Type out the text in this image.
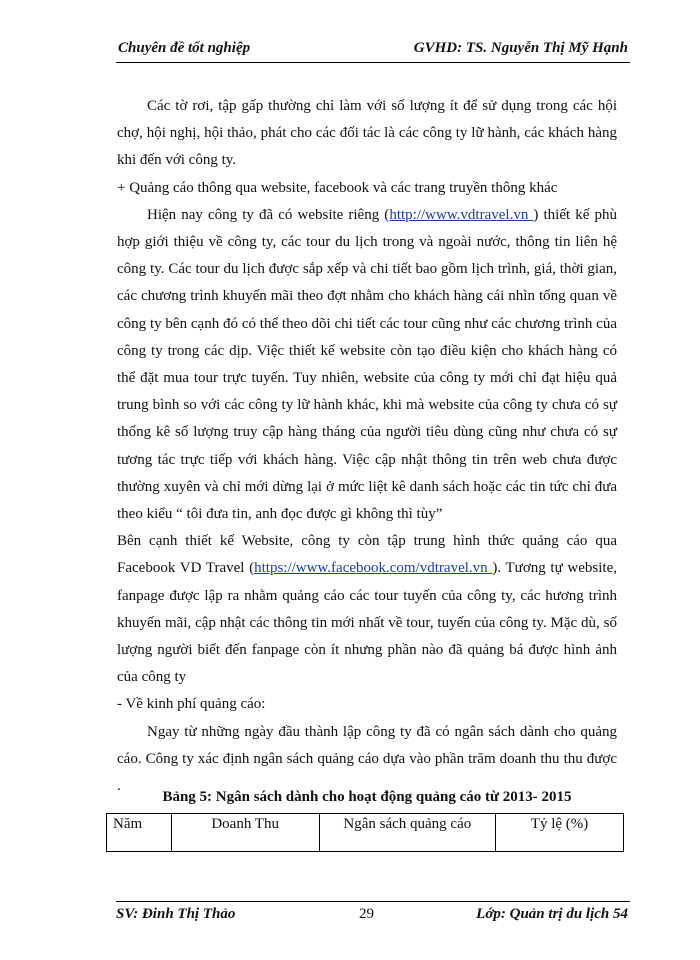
Chuyên đề tốt nghiệp	GVHD: TS. Nguyễn Thị Mỹ Hạnh

Các tờ rơi, tập gấp thường chỉ làm với số lượng ít để sử dụng trong các hội chợ, hội nghị, hội thảo, phát cho các đối tác là các công ty lữ hành, các khách hàng khi đến với công ty.

+ Quảng cáo thông qua website, facebook và các trang truyền thông khác

Hiện nay công ty đã có website riêng (http://www.vdtravel.vn ) thiết kế phù hợp giới thiệu về công ty, các tour du lịch trong và ngoài nước, thông tin liên hệ công ty. Các tour du lịch được sắp xếp và chi tiết bao gồm lịch trình, giá, thời gian, các chương trình khuyến mãi theo đợt nhằm cho khách hàng cái nhìn tổng quan về công ty bên cạnh đó có thể theo dõi chi tiết các tour cũng như các chương trình của công ty trong các dịp. Việc thiết kế website còn tạo điều kiện cho khách hàng có thể đặt mua tour trực tuyến. Tuy nhiên, website của công ty mới chỉ đạt hiệu quả trung bình so với các công ty lữ hành khác, khi mà website của công ty chưa có sự thống kê số lượng truy cập hàng tháng của người tiêu dùng cũng như chưa có sự tương tác trực tiếp với khách hàng. Việc cập nhật thông tin trên web chưa được thường xuyên và chỉ mới dừng lại ở mức liệt kê danh sách hoặc các tin tức chỉ đưa theo kiểu “ tôi đưa tin, anh đọc được gì không thì tùy”

Bên cạnh thiết kế Website, công ty còn tập trung hình thức quảng cáo qua Facebook VD Travel (https://www.facebook.com/vdtravel.vn ). Tương tự website, fanpage được lập ra nhằm quảng cáo các tour tuyến của công ty, các hương trình khuyến mãi, cập nhật các thông tin mới nhất về tour, tuyến của công ty. Mặc dù, số lượng người biết đến fanpage còn ít nhưng phần nào đã quảng bá được hình ảnh của công ty

- Về kinh phí quảng cáo:

Ngay từ những ngày đầu thành lập công ty đã có ngân sách dành cho quảng cáo. Công ty xác định ngân sách quảng cáo dựa vào phần trăm doanh thu thu được .

Bảng 5: Ngân sách dành cho hoạt động quảng cáo từ 2013- 2015
Năm	Doanh Thu	Ngân sách quảng cáo	Tỷ lệ (%)
SV: Đinh Thị Thảo	29	Lớp: Quản trị du lịch 54
